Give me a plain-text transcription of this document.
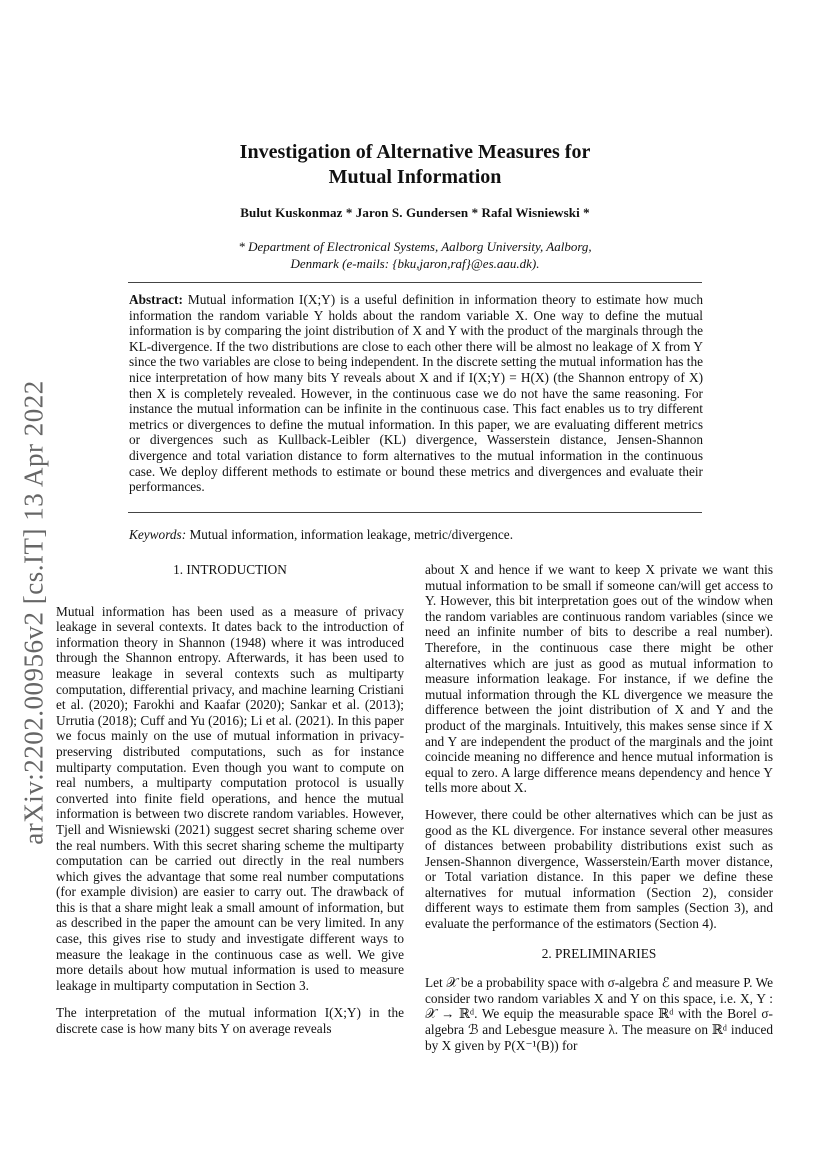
arXiv:2202.00956v2 [cs.IT] 13 Apr 2022
Investigation of Alternative Measures for
Mutual Information
Bulut Kuskonmaz * Jaron S. Gundersen * Rafal Wisniewski *
* Department of Electronical Systems, Aalborg University, Aalborg,
Denmark (e-mails: {bku,jaron,raf}@es.aau.dk).
Abstract: Mutual information I(X;Y) is a useful definition in information theory to estimate how much information the random variable Y holds about the random variable X. One way to define the mutual information is by comparing the joint distribution of X and Y with the product of the marginals through the KL-divergence. If the two distributions are close to each other there will be almost no leakage of X from Y since the two variables are close to being independent. In the discrete setting the mutual information has the nice interpretation of how many bits Y reveals about X and if I(X;Y) = H(X) (the Shannon entropy of X) then X is completely revealed. However, in the continuous case we do not have the same reasoning. For instance the mutual information can be infinite in the continuous case. This fact enables us to try different metrics or divergences to define the mutual information. In this paper, we are evaluating different metrics or divergences such as Kullback-Leibler (KL) divergence, Wasserstein distance, Jensen-Shannon divergence and total variation distance to form alternatives to the mutual information in the continuous case. We deploy different methods to estimate or bound these metrics and divergences and evaluate their performances.
Keywords: Mutual information, information leakage, metric/divergence.
1. INTRODUCTION

Mutual information has been used as a measure of privacy leakage in several contexts. It dates back to the introduction of information theory in Shannon (1948) where it was introduced through the Shannon entropy. Afterwards, it has been used to measure leakage in several contexts such as multiparty computation, differential privacy, and machine learning Cristiani et al. (2020); Farokhi and Kaafar (2020); Sankar et al. (2013); Urrutia (2018); Cuff and Yu (2016); Li et al. (2021). In this paper we focus mainly on the use of mutual information in privacy-preserving distributed computations, such as for instance multiparty computation. Even though you want to compute on real numbers, a multiparty computation protocol is usually converted into finite field operations, and hence the mutual information is between two discrete random variables. However, Tjell and Wisniewski (2021) suggest secret sharing scheme over the real numbers. With this secret sharing scheme the multiparty computation can be carried out directly in the real numbers which gives the advantage that some real number computations (for example division) are easier to carry out. The drawback of this is that a share might leak a small amount of information, but as described in the paper the amount can be very limited. In any case, this gives rise to study and investigate different ways to measure the leakage in the continuous case as well. We give more details about how mutual information is used to measure leakage in multiparty computation in Section 3.

The interpretation of the mutual information I(X;Y) in the discrete case is how many bits Y on average reveals

about X and hence if we want to keep X private we want this mutual information to be small if someone can/will get access to Y. However, this bit interpretation goes out of the window when the random variables are continuous random variables (since we need an infinite number of bits to describe a real number). Therefore, in the continuous case there might be other alternatives which are just as good as mutual information to measure information leakage. For instance, if we define the mutual information through the KL divergence we measure the difference between the joint distribution of X and Y and the product of the marginals. Intuitively, this makes sense since if X and Y are independent the product of the marginals and the joint coincide meaning no difference and hence mutual information is equal to zero. A large difference means dependency and hence Y tells more about X.

However, there could be other alternatives which can be just as good as the KL divergence. For instance several other measures of distances between probability distributions exist such as Jensen-Shannon divergence, Wasserstein/Earth mover distance, or Total variation distance. In this paper we define these alternatives for mutual information (Section 2), consider different ways to estimate them from samples (Section 3), and evaluate the performance of the estimators (Section 4).

2. PRELIMINARIES

Let 𝒳 be a probability space with σ-algebra ℰ and measure P. We consider two random variables X and Y on this space, i.e. X, Y : 𝒳 → ℝᵈ. We equip the measurable space ℝᵈ with the Borel σ-algebra ℬ and Lebesgue measure λ. The measure on ℝᵈ induced by X given by P(X⁻¹(B)) for
